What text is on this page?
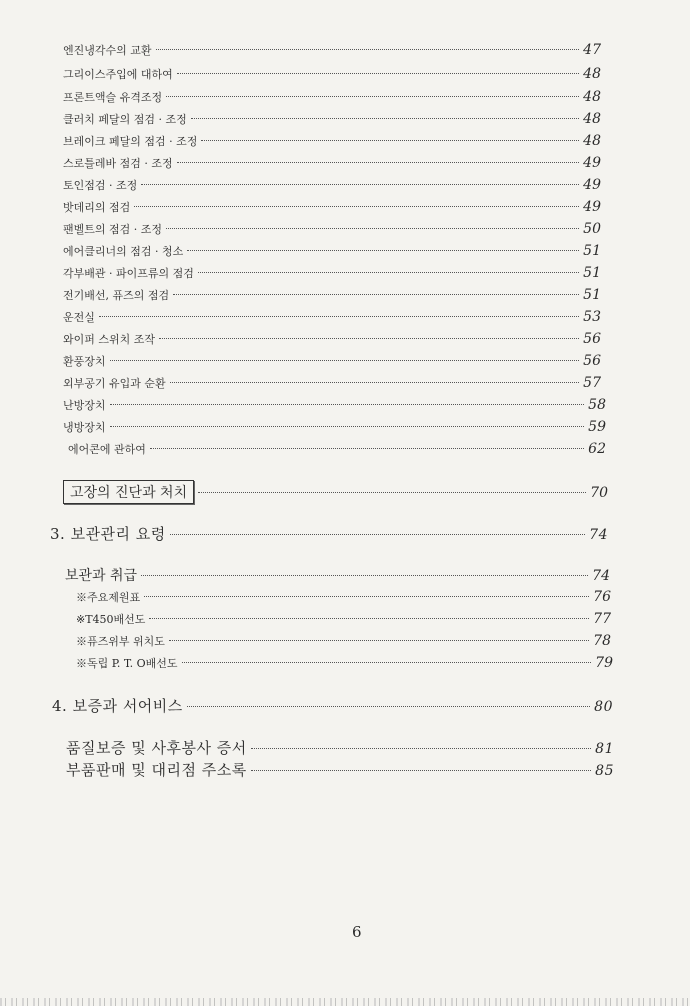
엔진냉각수의 교환	47
그리이스주입에 대하여	48
프론트액슬 유격조정	48
클러치 페달의 점검 · 조정	48
브레이크 페달의 점검 · 조정	48
스로틀레바 점검 · 조정	49
토인점검 · 조정	49
밧데리의 점검	49
팬벨트의 점검 · 조정	50
에어클리너의 점검 · 청소	51
각부배관 · 파이프류의 점검	51
전기배선, 퓨즈의 점검	51
운전실	53
와이퍼 스위치 조작	56
환풍장치	56
외부공기 유입과 순환	57
난방장치	58
냉방장치	59
에어콘에 관하여	62
고장의 진단과 처치	70
3. 보관관리 요령	74
보관과 취급	74
※주요제원표	76
※T450배선도	77
※퓨즈위부 위치도	78
※독립 P. T. O배선도	79
4. 보증과 서어비스	80
품질보증 및 사후봉사 증서	81
부품판매 및 대리점 주소록	85
6
